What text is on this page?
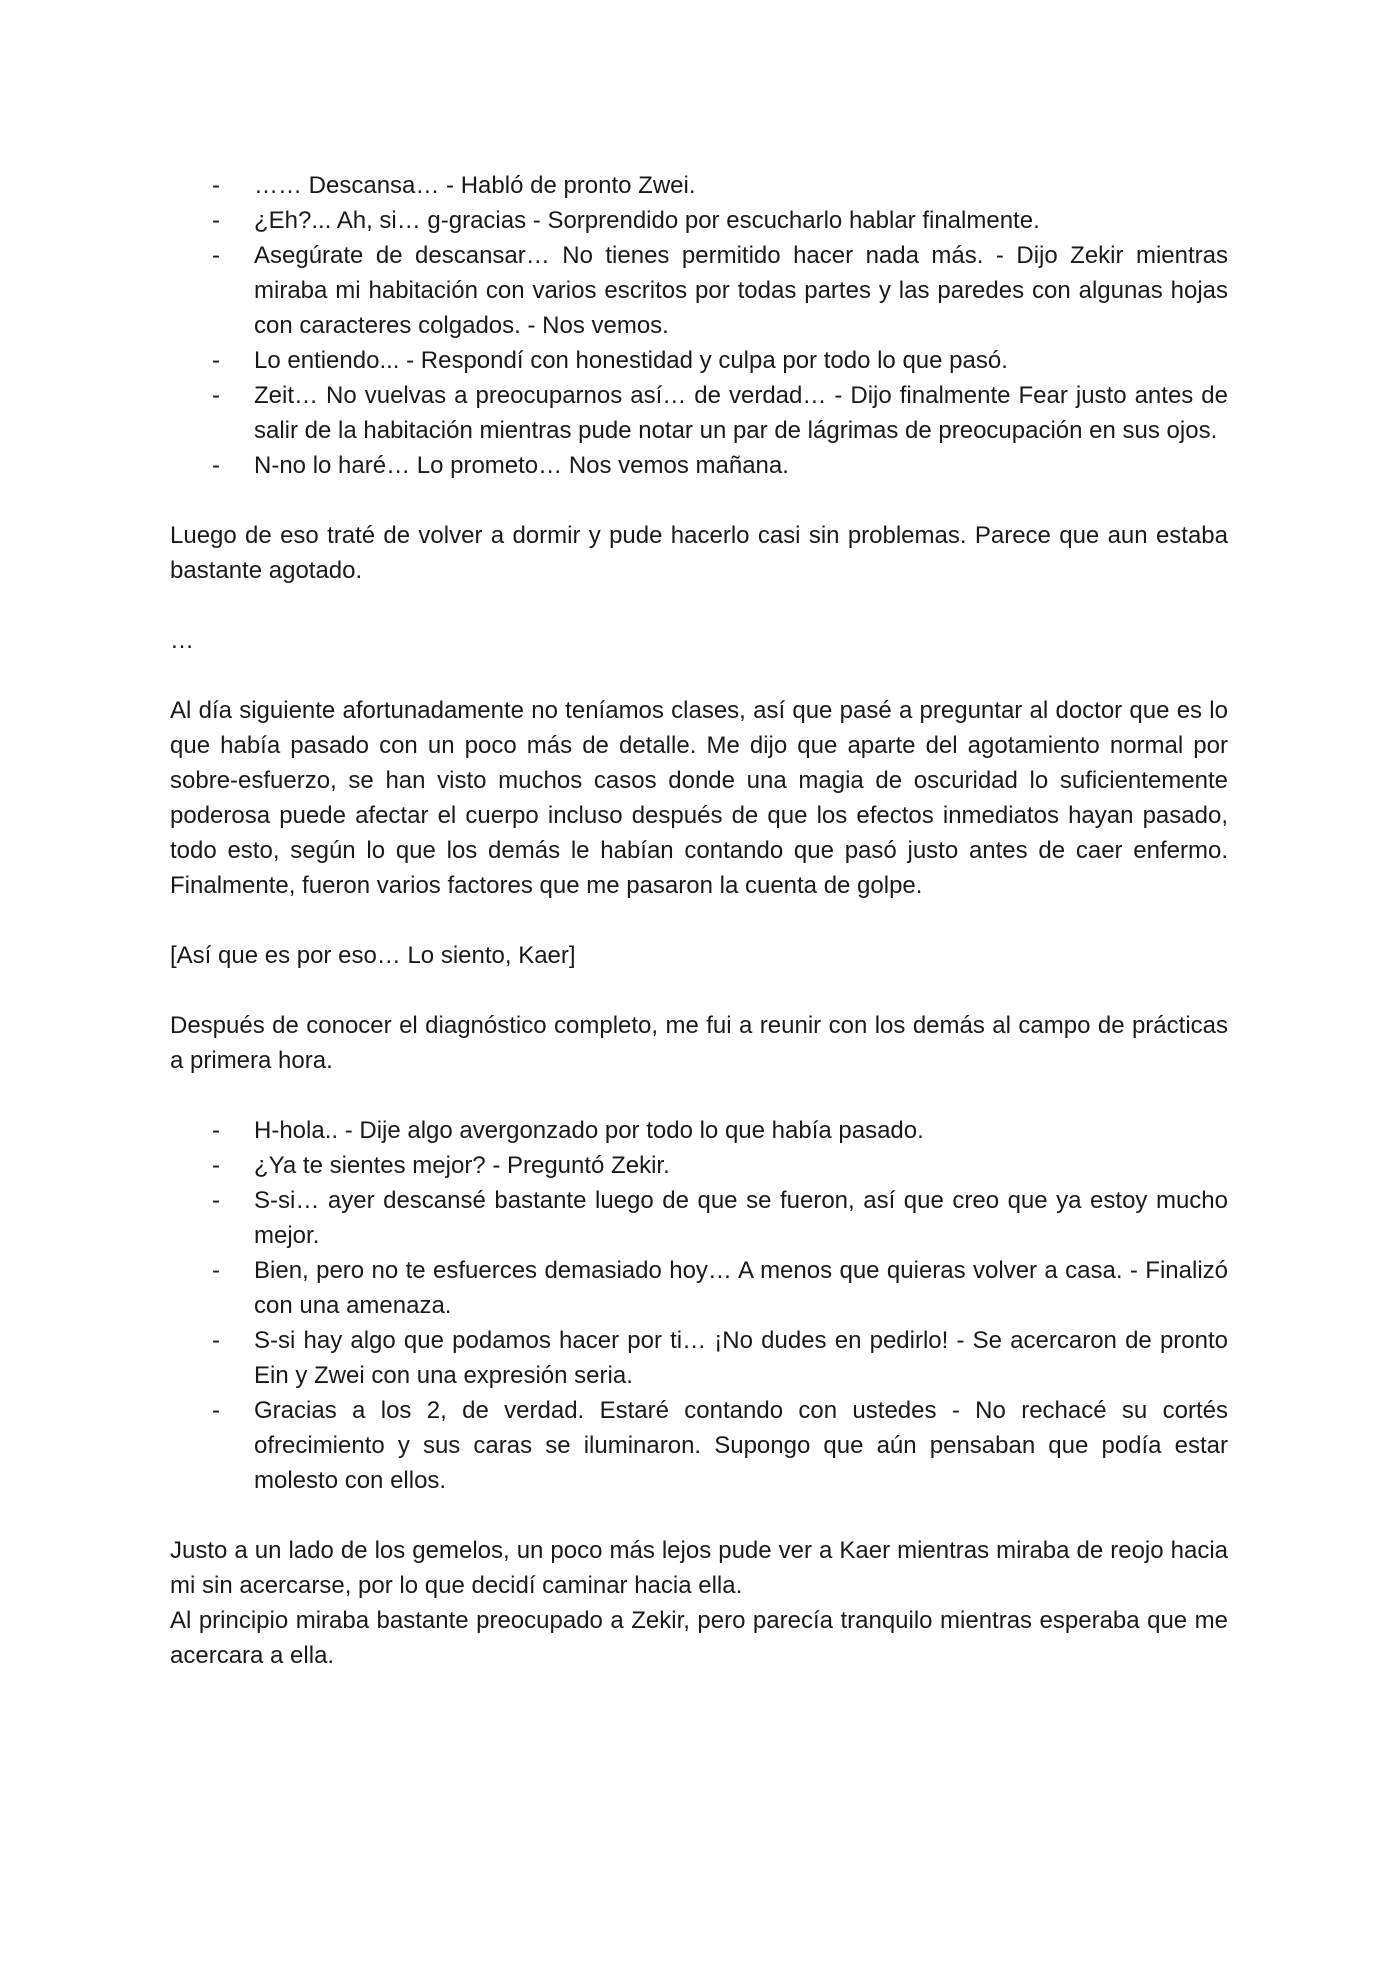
- …… Descansa… - Habló de pronto Zwei.
- ¿Eh?... Ah, si… g-gracias - Sorprendido por escucharlo hablar finalmente.
- Asegúrate de descansar… No tienes permitido hacer nada más. - Dijo Zekir mientras miraba mi habitación con varios escritos por todas partes y las paredes con algunas hojas con caracteres colgados. - Nos vemos.
- Lo entiendo... - Respondí con honestidad y culpa por todo lo que pasó.
- Zeit… No vuelvas a preocuparnos así… de verdad… - Dijo finalmente Fear justo antes de salir de la habitación mientras pude notar un par de lágrimas de preocupación en sus ojos.
- N-no lo haré… Lo prometo… Nos vemos mañana.

Luego de eso traté de volver a dormir y pude hacerlo casi sin problemas. Parece que aun estaba bastante agotado.

…

Al día siguiente afortunadamente no teníamos clases, así que pasé a preguntar al doctor que es lo que había pasado con un poco más de detalle. Me dijo que aparte del agotamiento normal por sobre-esfuerzo, se han visto muchos casos donde una magia de oscuridad lo suficientemente poderosa puede afectar el cuerpo incluso después de que los efectos inmediatos hayan pasado, todo esto, según lo que los demás le habían contando que pasó justo antes de caer enfermo. Finalmente, fueron varios factores que me pasaron la cuenta de golpe.

[Así que es por eso… Lo siento, Kaer]

Después de conocer el diagnóstico completo, me fui a reunir con los demás al campo de prácticas a primera hora.

- H-hola.. - Dije algo avergonzado por todo lo que había pasado.
- ¿Ya te sientes mejor? - Preguntó Zekir.
- S-si… ayer descansé bastante luego de que se fueron, así que creo que ya estoy mucho mejor.
- Bien, pero no te esfuerces demasiado hoy… A menos que quieras volver a casa. - Finalizó con una amenaza.
- S-si hay algo que podamos hacer por ti… ¡No dudes en pedirlo! - Se acercaron de pronto Ein y Zwei con una expresión seria.
- Gracias a los 2, de verdad. Estaré contando con ustedes - No rechacé su cortés ofrecimiento y sus caras se iluminaron. Supongo que aún pensaban que podía estar molesto con ellos.

Justo a un lado de los gemelos, un poco más lejos pude ver a Kaer mientras miraba de reojo hacia mi sin acercarse, por lo que decidí caminar hacia ella.

Al principio miraba bastante preocupado a Zekir, pero parecía tranquilo mientras esperaba que me acercara a ella.
